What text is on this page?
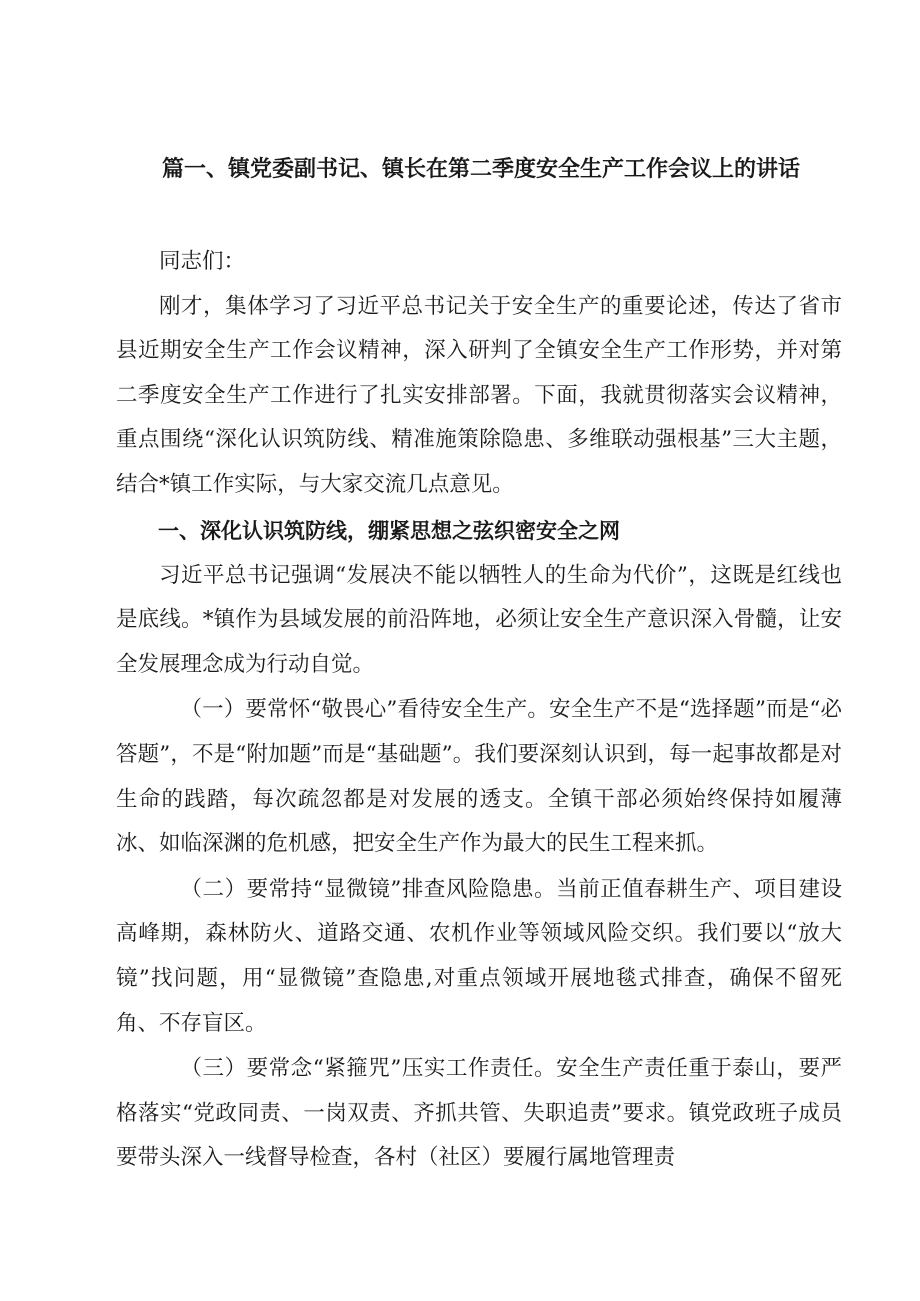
篇一、镇党委副书记、镇长在第二季度安全生产工作会议上的讲话

同志们：

刚才，集体学习了习近平总书记关于安全生产的重要论述，传达了省市县近期安全生产工作会议精神，深入研判了全镇安全生产工作形势，并对第二季度安全生产工作进行了扎实安排部署。下面，我就贯彻落实会议精神，重点围绕“深化认识筑防线、精准施策除隐患、多维联动强根基”三大主题，结合*镇工作实际，与大家交流几点意见。

一、深化认识筑防线，绷紧思想之弦织密安全之网

习近平总书记强调“发展决不能以牺牲人的生命为代价”，这既是红线也是底线。*镇作为县域发展的前沿阵地，必须让安全生产意识深入骨髓，让安全发展理念成为行动自觉。

（一）要常怀“敬畏心”看待安全生产。安全生产不是“选择题”而是“必答题”，不是“附加题”而是“基础题”。我们要深刻认识到，每一起事故都是对生命的践踏，每次疏忽都是对发展的透支。全镇干部必须始终保持如履薄冰、如临深渊的危机感，把安全生产作为最大的民生工程来抓。

（二）要常持“显微镜”排查风险隐患。当前正值春耕生产、项目建设高峰期，森林防火、道路交通、农机作业等领域风险交织。我们要以“放大镜”找问题，用“显微镜”查隐患,对重点领域开展地毯式排查，确保不留死角、不存盲区。

（三）要常念“紧箍咒”压实工作责任。安全生产责任重于泰山，要严格落实“党政同责、一岗双责、齐抓共管、失职追责”要求。镇党政班子成员要带头深入一线督导检查，各村（社区）要履行属地管理责
